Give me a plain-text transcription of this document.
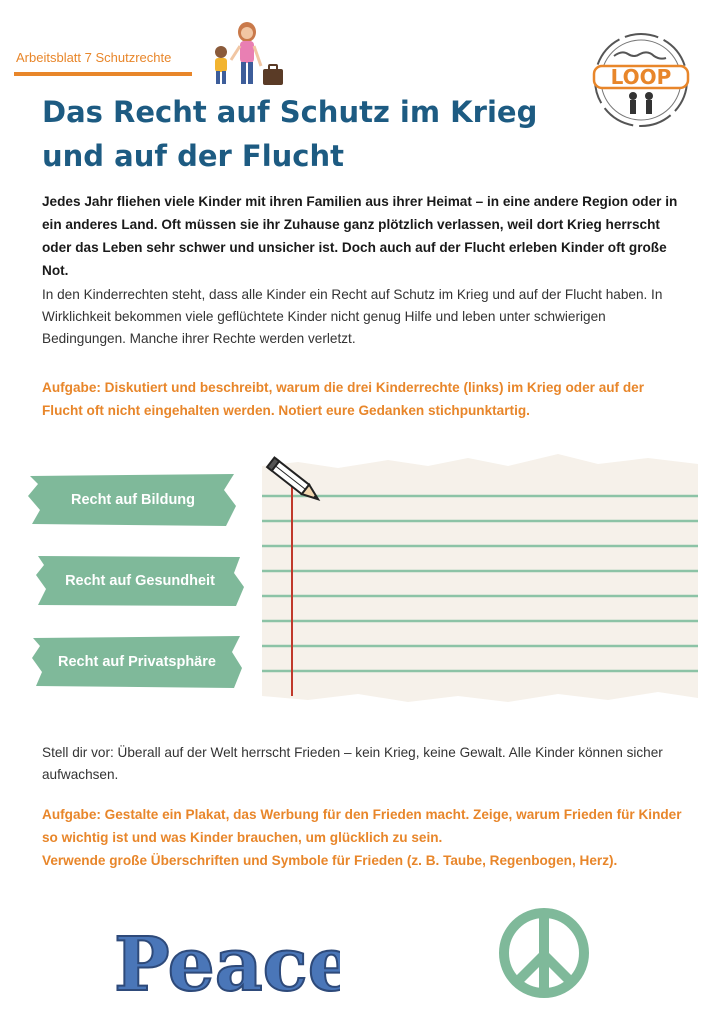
Arbeitsblatt 7 Schutzrechte
LOOP
Das Recht auf Schutz im Krieg
und auf der Flucht
Jedes Jahr fliehen viele Kinder mit ihren Familien aus ihrer Heimat – in eine andere Region oder in ein anderes Land. Oft müssen sie ihr Zuhause ganz plötzlich verlassen, weil dort Krieg herrscht oder das Leben sehr schwer und unsicher ist. Doch auch auf der Flucht erleben Kinder oft große Not.
In den Kinderrechten steht, dass alle Kinder ein Recht auf Schutz im Krieg und auf der Flucht haben. In Wirklichkeit bekommen viele geflüchtete Kinder nicht genug Hilfe und leben unter schwierigen Bedingungen. Manche ihrer Rechte werden verletzt.
Aufgabe: Diskutiert und beschreibt, warum die drei Kinderrechte (links) im Krieg oder auf der Flucht oft nicht eingehalten werden. Notiert eure Gedanken stichpunktartig.
Recht auf Bildung
Recht auf Gesundheit
Recht auf Privatsphäre
Stell dir vor: Überall auf der Welt herrscht Frieden – kein Krieg, keine Gewalt. Alle Kinder können sicher aufwachsen.
Aufgabe: Gestalte ein Plakat, das Werbung für den Frieden macht. Zeige, warum Frieden für Kinder so wichtig ist und was Kinder brauchen, um glücklich zu sein.
Verwende große Überschriften und Symbole für Frieden (z. B. Taube, Regenbogen, Herz).
Peace
